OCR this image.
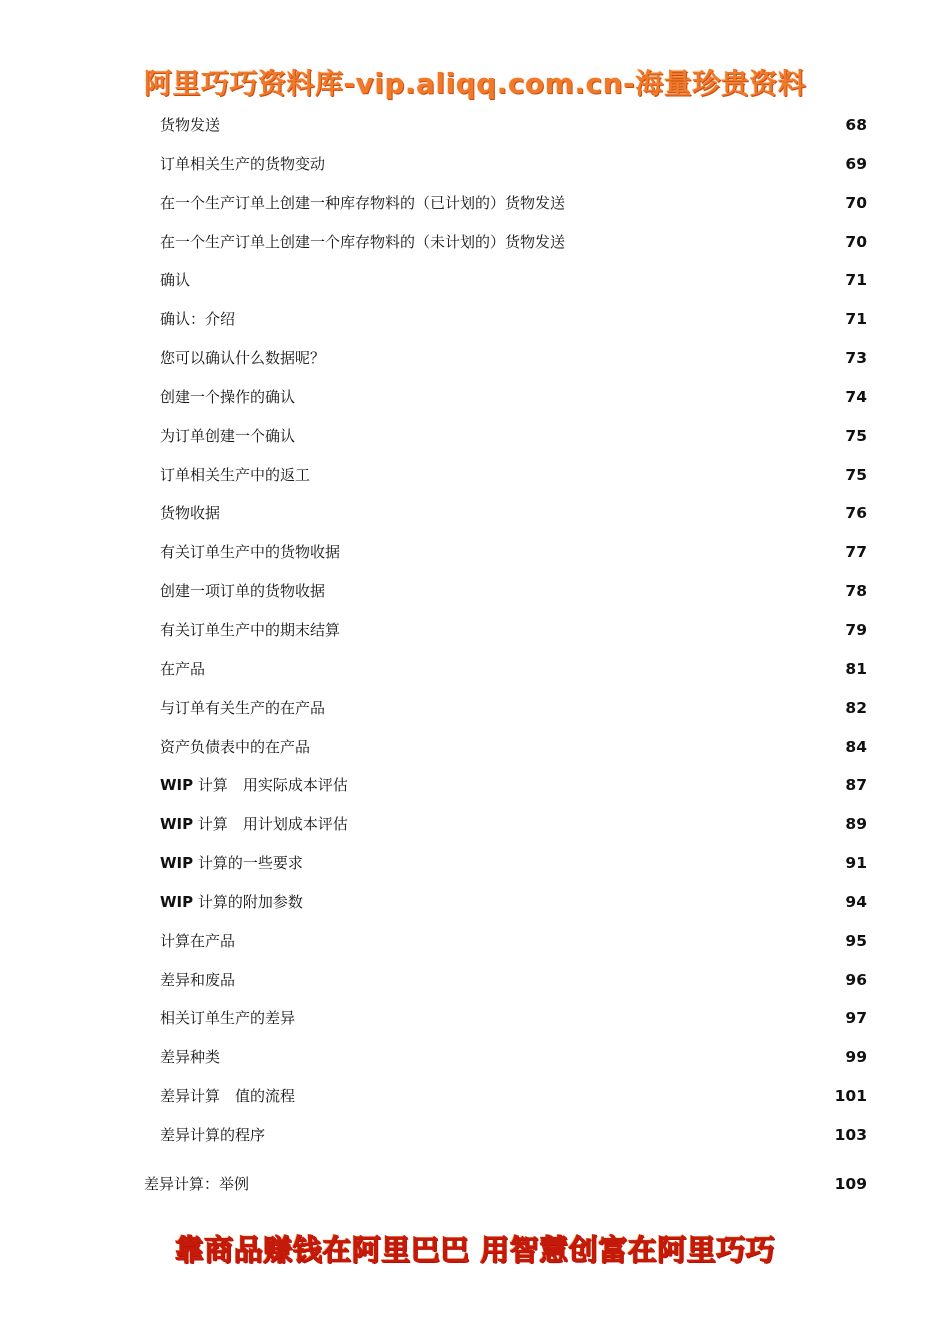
阿里巧巧资料库-vip.aliqq.com.cn-海量珍贵资料
货物发送	68
订单相关生产的货物变动	69
在一个生产订单上创建一种库存物料的（已计划的）货物发送	70
在一个生产订单上创建一个库存物料的（未计划的）货物发送	70
确认	71
确认：介绍	71
您可以确认什么数据呢？	73
创建一个操作的确认	74
为订单创建一个确认	75
订单相关生产中的返工	75
货物收据	76
有关订单生产中的货物收据	77
创建一项订单的货物收据	78
有关订单生产中的期末结算	79
在产品	81
与订单有关生产的在产品	82
资产负债表中的在产品	84
WIP 计算　用实际成本评估	87
WIP 计算　用计划成本评估	89
WIP 计算的一些要求	91
WIP 计算的附加参数	94
计算在产品	95
差异和废品	96
相关订单生产的差异	97
差异种类	99
差异计算　值的流程	101
差异计算的程序	103
差异计算：举例	109
靠商品赚钱在阿里巴巴 用智慧创富在阿里巧巧
